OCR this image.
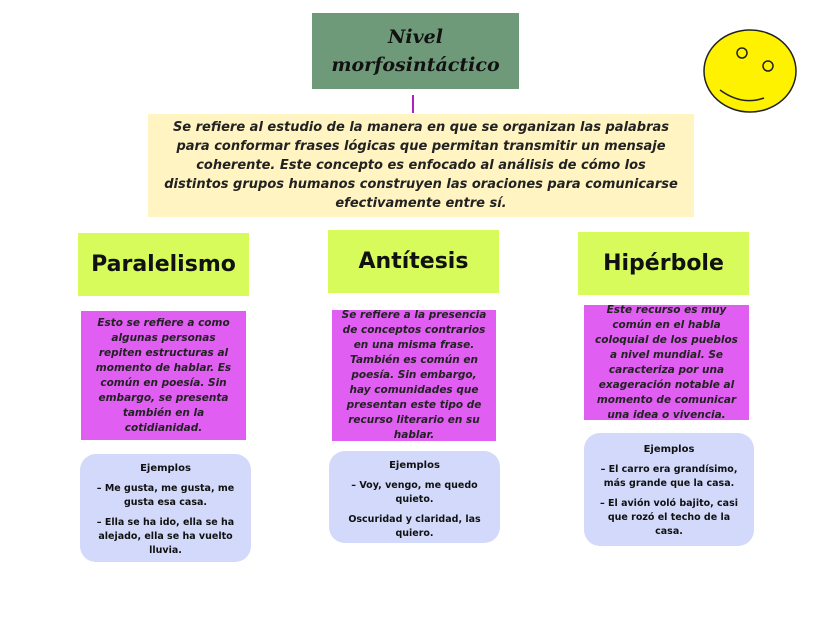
Nivel morfosintáctico
Se refiere al estudio de la manera en que se organizan las palabras para conformar frases lógicas que permitan transmitir un mensaje coherente. Este concepto es enfocado al análisis de cómo los distintos grupos humanos construyen las oraciones para comunicarse efectivamente entre sí.
Paralelismo	Antítesis	Hipérbole
Esto se refiere a como algunas personas repiten estructuras al momento de hablar. Es común en poesía. Sin embargo, se presenta también en la cotidianidad.
Se refiere a la presencia de conceptos contrarios en una misma frase. También es común en poesía. Sin embargo, hay comunidades que presentan este tipo de recurso literario en su hablar.
Este recurso es muy común en el habla coloquial de los pueblos a nivel mundial. Se caracteriza por una exageración notable al momento de comunicar una idea o vivencia.
Ejemplos

– Me gusta, me gusta, me gusta esa casa.

– Ella se ha ido, ella se ha alejado, ella se ha vuelto lluvia.

Ejemplos

– Voy, vengo, me quedo quieto.

Oscuridad y claridad, las quiero.

Ejemplos

– El carro era grandísimo, más grande que la casa.

– El avión voló bajito, casi que rozó el techo de la casa.
